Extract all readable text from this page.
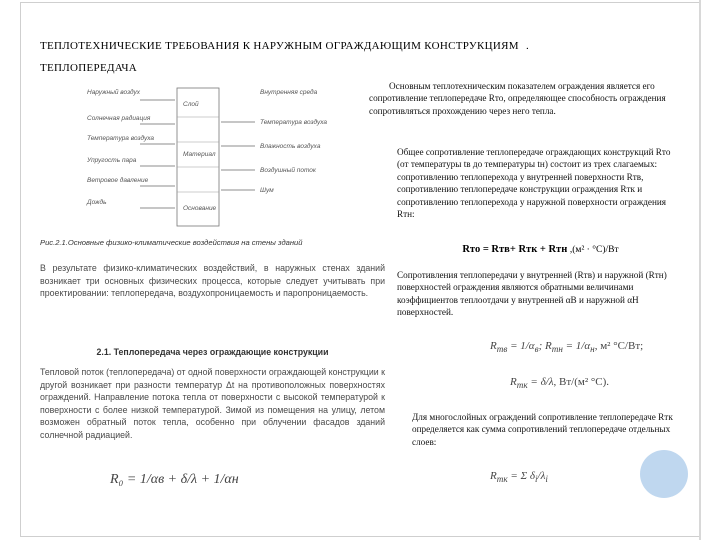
ТЕПЛОТЕХНИЧЕСКИЕ ТРЕБОВАНИЯ К НАРУЖНЫМ ОГРАЖДАЮЩИМ КОНСТРУКЦИЯМ .
ТЕПЛОПЕРЕДАЧА
Наружный воздух
Солнечная радиация
Температура воздуха
Упругость пара
Ветровое давление
Дождь
Внутренняя среда
Температура воздуха
Влажность воздуха
Воздушный поток
Шум
Слой
Материал
Основание
Рис.2.1.Основные физико-климатические воздействия на стены зданий
В результате физико-климатических воздействий, в наружных стенах зданий возникает три основных физических процесса, которые следует учитывать при проектировании: теплопередача, воздухопроницаемость и паропроницаемость.
2.1. Теплопередача через ограждающие конструкции
Тепловой поток (теплопередача) от одной поверхности ограждающей конструкции к другой возникает при разности температур Δt на противоположных поверхностях ограждений. Направление потока тепла от поверхности с высокой температурой к поверхности с более низкой температурой. Зимой из помещения на улицу, летом возможен обратный поток тепла, особенно при облучении фасадов зданий солнечной радиацией.
R₀ = 1/αв + δ/λ + 1/αн
Основным теплотехническим показателем ограждения является его сопротивление теплопередаче Rто, определяющее способность ограждения сопротивляться прохождению через него тепла.
Общее сопротивление теплопередаче ограждающих конструкций Rто (от температуры tв до температуры tн) состоит из трех слагаемых: сопротивлению теплоперехода у внутренней поверхности Rтв, сопротивлению теплопередаче конструкции ограждения Rтк и сопротивлению теплоперехода у наружной поверхности ограждения Rтн:
Rто = Rтв+ Rтк + Rтн ,(м² · °С)/Вт
Сопротивления теплопередачи у внутренней (Rтв) и наружной (Rтн) поверхностей ограждения являются обратными величинами коэффициентов теплоотдачи у внутренней αВ и наружной αН поверхностей.
$R_{тв} = 1/\alpha_в$; $R_{тн} = 1/\alpha_н$, м² °С/Вт;
$R_{тк} = \delta/\lambda$, Вт/(м² °С).
Для многослойных ограждений сопротивление теплопередаче Rтк определяется как сумма сопротивлений теплопередаче отдельных слоев:
$R_{тк} = \Sigma$ $\delta_i/\lambda_i$
